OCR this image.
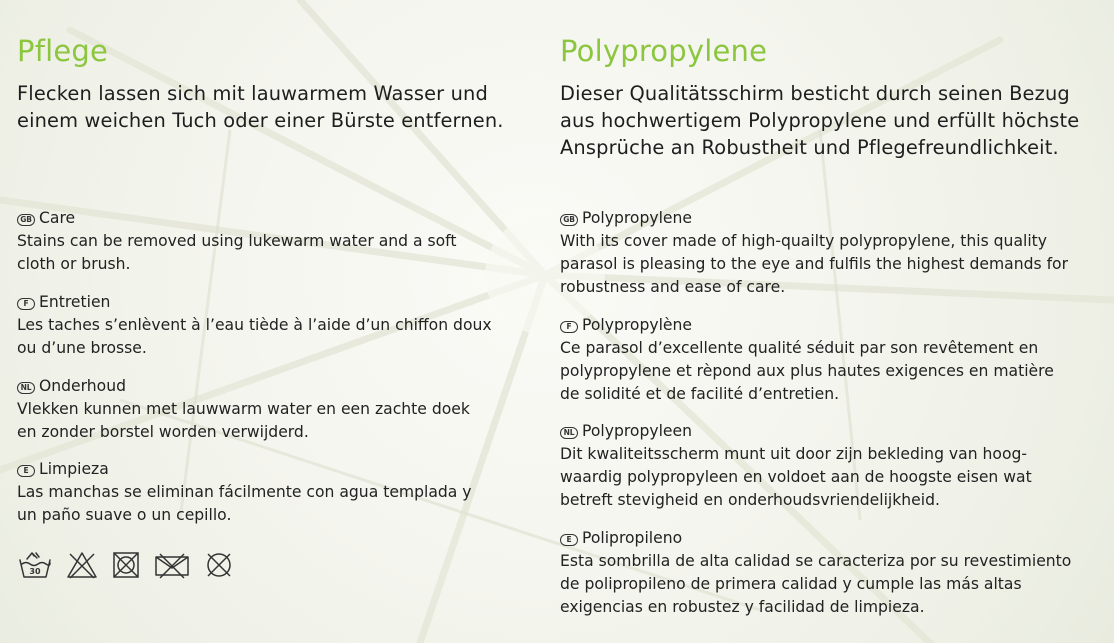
Pflege
Flecken lassen sich mit lauwarmem Wasser und
einem weichen Tuch oder einer Bürste entfernen.
GB Care
Stains can be removed using lukewarm water and a soft
cloth or brush.
F Entretien
Les taches s’enlèvent à l’eau tiède à l’aide d’un chiffon doux
ou d’une brosse.
NL Onderhoud
Vlekken kunnen met lauwwarm water en een zachte doek
en zonder borstel worden verwijderd.
E Limpieza
Las manchas se eliminan fácilmente con agua templada y
un paño suave o un cepillo.
30
Polypropylene
Dieser Qualitätsschirm besticht durch seinen Bezug
aus hochwertigem Polypropylene und erfüllt höchste
Ansprüche an Robustheit und Pflegefreundlichkeit.
GB Polypropylene
With its cover made of high-quailty polypropylene, this quality
parasol is pleasing to the eye and fulfils the highest demands for
robustness and ease of care.
F Polypropylène
Ce parasol d’excellente qualité séduit par son revêtement en
polypropylene et rèpond aux plus hautes exigences en matière
de solidité et de facilité d’entretien.
NL Polypropyleen
Dit kwaliteitsscherm munt uit door zijn bekleding van hoog-
waardig polypropyleen en voldoet aan de hoogste eisen wat
betreft stevigheid en onderhoudsvriendelijkheid.
E Polipropileno
Esta sombrilla de alta calidad se caracteriza por su revestimiento
de polipropileno de primera calidad y cumple las más altas
exigencias en robustez y facilidad de limpieza.
